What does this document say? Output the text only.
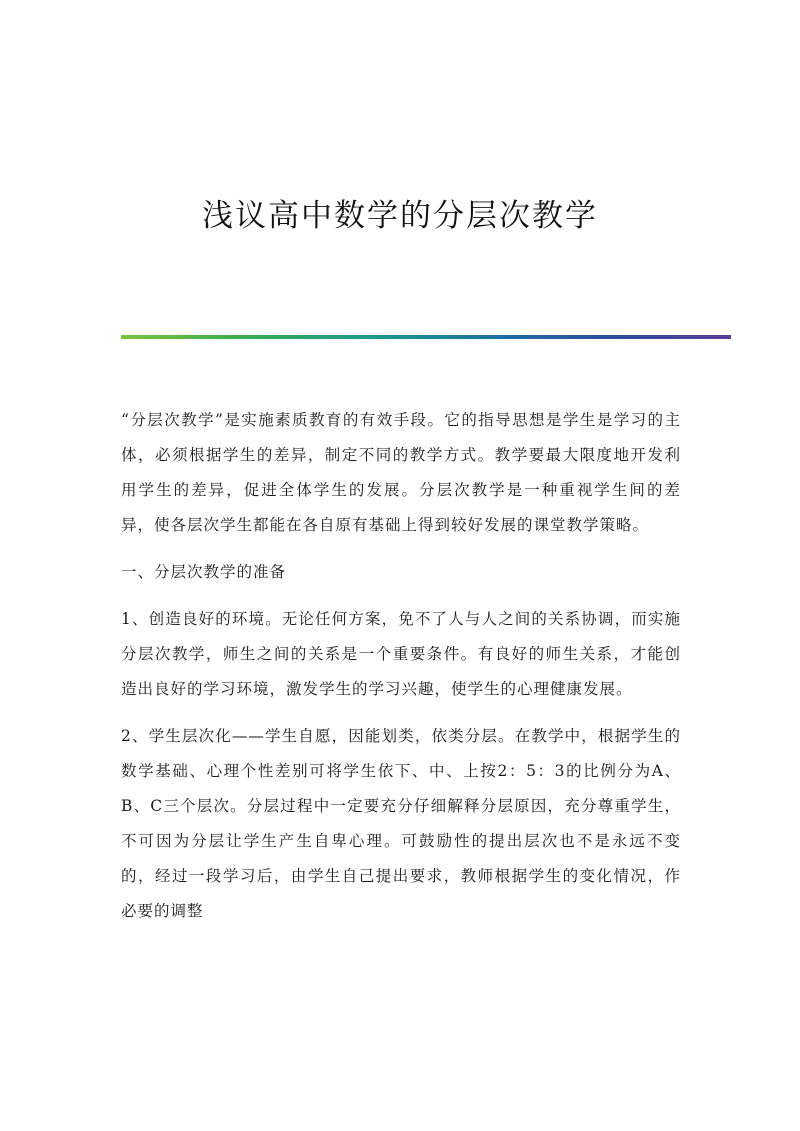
浅议高中数学的分层次教学

“分层次教学”是实施素质教育的有效手段。它的指导思想是学生是学习的主体，必须根据学生的差异，制定不同的教学方式。教学要最大限度地开发利用学生的差异，促进全体学生的发展。分层次教学是一种重视学生间的差异，使各层次学生都能在各自原有基础上得到较好发展的课堂教学策略。

一、分层次教学的准备

1、创造良好的环境。无论任何方案，免不了人与人之间的关系协调，而实施分层次教学，师生之间的关系是一个重要条件。有良好的师生关系，才能创造出良好的学习环境，激发学生的学习兴趣，使学生的心理健康发展。

2、学生层次化——学生自愿，因能划类，依类分层。在教学中，根据学生的数学基础、心理个性差别可将学生依下、中、上按2：5：3的比例分为A、B、C三个层次。分层过程中一定要充分仔细解释分层原因，充分尊重学生，不可因为分层让学生产生自卑心理。可鼓励性的提出层次也不是永远不变的，经过一段学习后，由学生自己提出要求，教师根据学生的变化情况，作必要的调整
